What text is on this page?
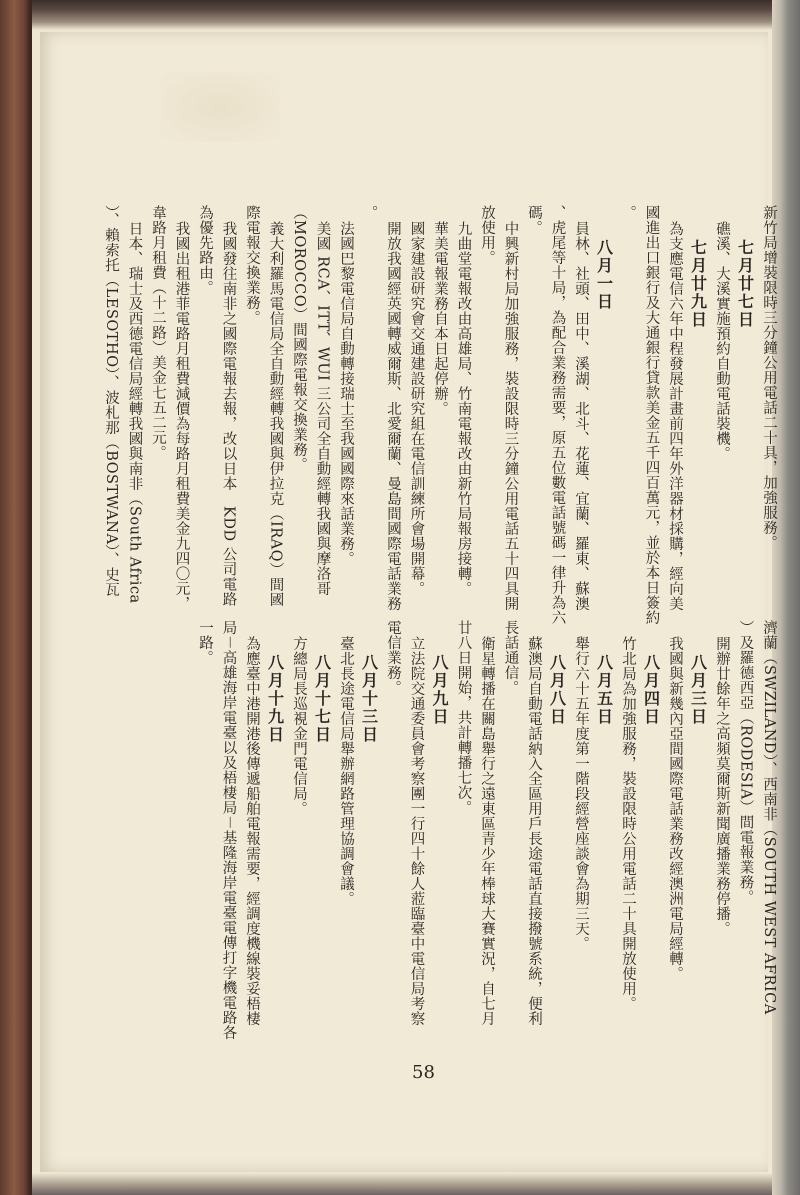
新竹局增裝限時三分鐘公用電話二十具，加強服務。
七月廿七日
礁溪、大溪實施預約自動電話裝機。
七月廿九日
為支應電信六年中程發展計畫前四年外洋器材採購，經向美
國進出口銀行及大通銀行貸款美金五千四百萬元，並於本日簽約
。
八月一日
員林、社頭、田中、溪湖、北斗、花蓮、宜蘭、羅東、蘇澳
、虎尾等十局，為配合業務需要，原五位數電話號碼一律升為六
碼。
中興新村局加強服務，裝設限時三分鐘公用電話五十四具開
放使用。
九曲堂電報改由高雄局、竹南電報改由新竹局報房接轉。
華美電報業務自本日起停辦。
國家建設研究會交通建設研究組在電信訓練所會場開幕。
開放我國經英國轉威爾斯、北愛爾蘭、曼島間國際電話業務
。
法國巴黎電信局自動轉接瑞士至我國國際來話業務。
美國 RCA、ITT、WUI 三公司全自動經轉我國與摩洛哥
（MOROCCO）間國際電報交換業務。
義大利羅馬電信局全自動經轉我國與伊拉克（IRAQ）間國
際電報交換業務。
我國發往南非之國際電報去報，改以日本　KDD 公司電路
為優先路由。
我國出租港菲電路月租費減價為每路月租費美金九四〇元，
韋路月租費（十二路）美金七五二元。
日本、瑞士及西德電信局經轉我國與南非（South Africa
）、賴索托（LESOTHO）、波札那（BOSTWANA）、史瓦
濟蘭（SWZILAND）、西南非（SOUTH WEST AFRICA
）及羅德西亞（RODESIA）間電報業務。
開辦廿餘年之高頻莫爾斯新聞廣播業務停播。
八月三日
我國與新幾內亞間國際電話業務改經澳洲電局經轉。
八月四日
竹北局為加強服務，裝設限時公用電話二十具開放使用。
八月五日
舉行六十五年度第一階段經營座談會為期三天。
八月八日
蘇澳局自動電話納入全區用戶長途電話直接撥號系統，便利
長話通信。
衛星轉播在關島舉行之遠東區青少年棒球大賽實況，自七月
廿八日開始，共計轉播七次。
八月九日
立法院交通委員會考察團一行四十餘人蒞臨臺中電信局考察
電信業務。
八月十三日
臺北長途電信局舉辦網路管理協調會議。
八月十七日
方總局長巡視金門電信局。
八月十九日
為應臺中港開港後傳遞船舶電報需要，經調度機線裝妥梧棲
局－高雄海岸電臺以及梧棲局－基隆海岸電臺電傳打字機電路各
一路。
58
